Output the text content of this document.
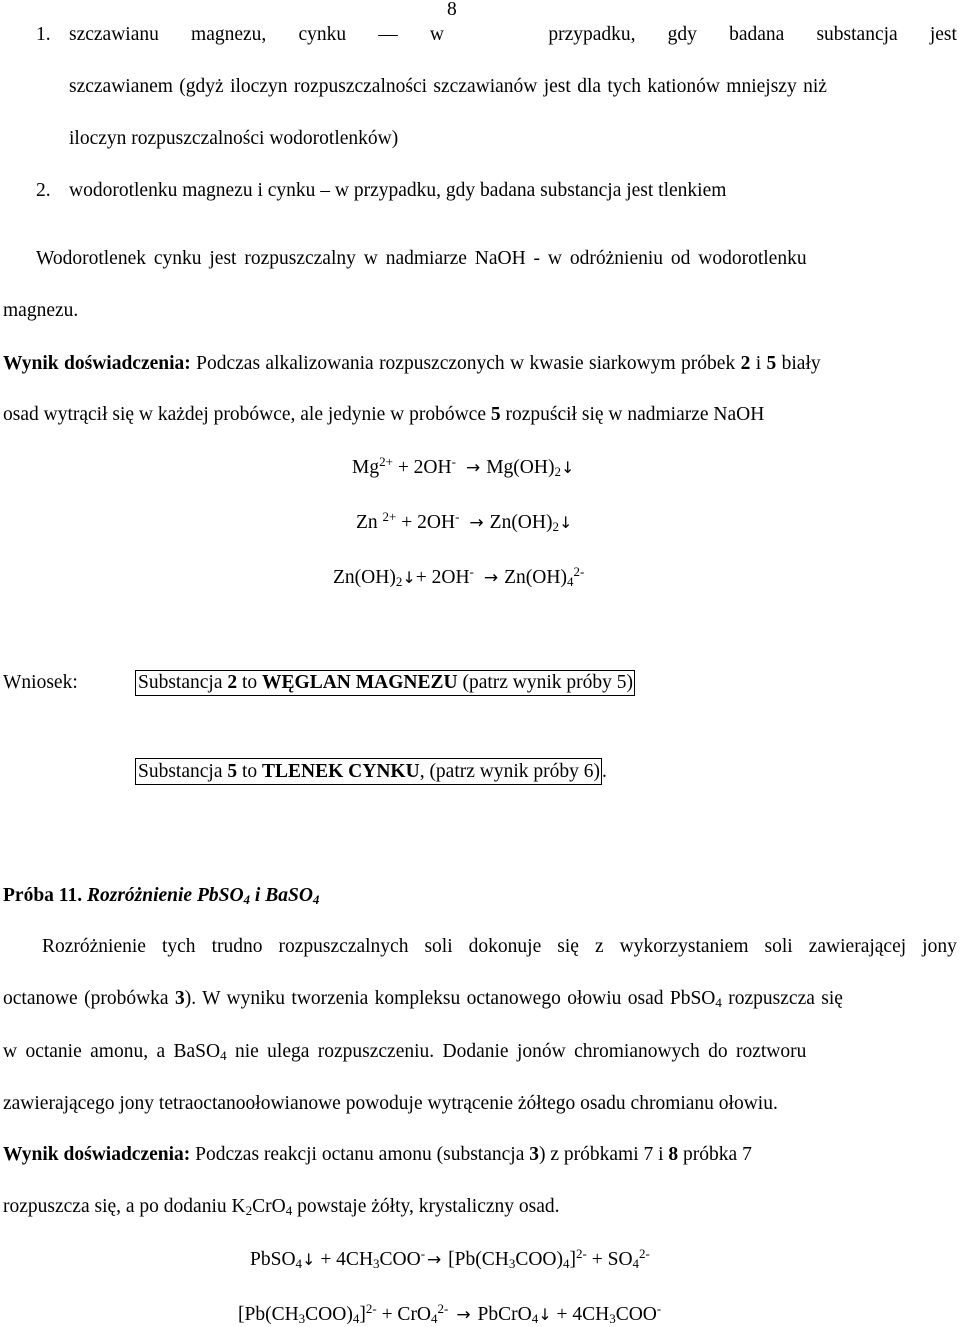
8
1. szczawianu magnezu, cynku — w	przypadku, gdy badana substancja jest
szczawianem (gdyż iloczyn rozpuszczalności szczawianów jest dla tych kationów mniejszy niż
iloczyn rozpuszczalności wodorotlenków)
2. wodorotlenku magnezu i cynku – w przypadku, gdy badana substancja jest tlenkiem
Wodorotlenek cynku jest rozpuszczalny w nadmiarze NaOH - w odróżnieniu od wodorotlenku
magnezu.
Wynik doświadczenia: Podczas alkalizowania rozpuszczonych w kwasie siarkowym próbek 2 i 5 biały
osad wytrącił się w każdej probówce, ale jedynie w probówce 5 rozpuścił się w nadmiarze NaOH
$Mg^{2+} + 2OH^-$ → $Mg(OH)_2↓$
Zn $^{2+} + 2OH^- \to Zn(OH)_2↓$
$Zn(OH)_2↓+ 2OH^- \to Zn(OH)_4^{2-}$
Wniosek:	Substancja 2 to WĘGLAN MAGNEZU (patrz wynik próby 5)
Substancja 5 to TLENEK CYNKU, (patrz wynik próby 6) .
Próba 11. Rozróżnienie PbSO$_4$ i BaSO$_4$
Rozróżnienie tych trudno rozpuszczalnych soli dokonuje się z wykorzystaniem soli zawierającej jony
octanowe (probówka 3). W wyniku tworzenia kompleksu octanowego ołowiu osad PbSO$_4$ rozpuszcza się
w octanie amonu, a BaSO$_4$ nie ulega rozpuszczeniu. Dodanie jonów chromianowych do roztworu
zawierającego jony tetraoctanoołowianowe powoduje wytrącenie żółtego osadu chromianu ołowiu.
Wynik doświadczenia: Podczas reakcji octanu amonu (substancja 3) z próbkami 7 i 8 próbka 7
rozpuszcza się, a po dodaniu $K_2CrO_4$ powstaje żółty, krystaliczny osad.
PbSO$_4$↓ + $4CH_3COO^- \to [Pb(CH_3COO)_4]^{2-} + SO_4^{2-}$
$[Pb(CH_3COO)_4]^{2-} + CrO_4^{2-}$ → PbCrO$_4$↓ + $4CH_3COO^-$
